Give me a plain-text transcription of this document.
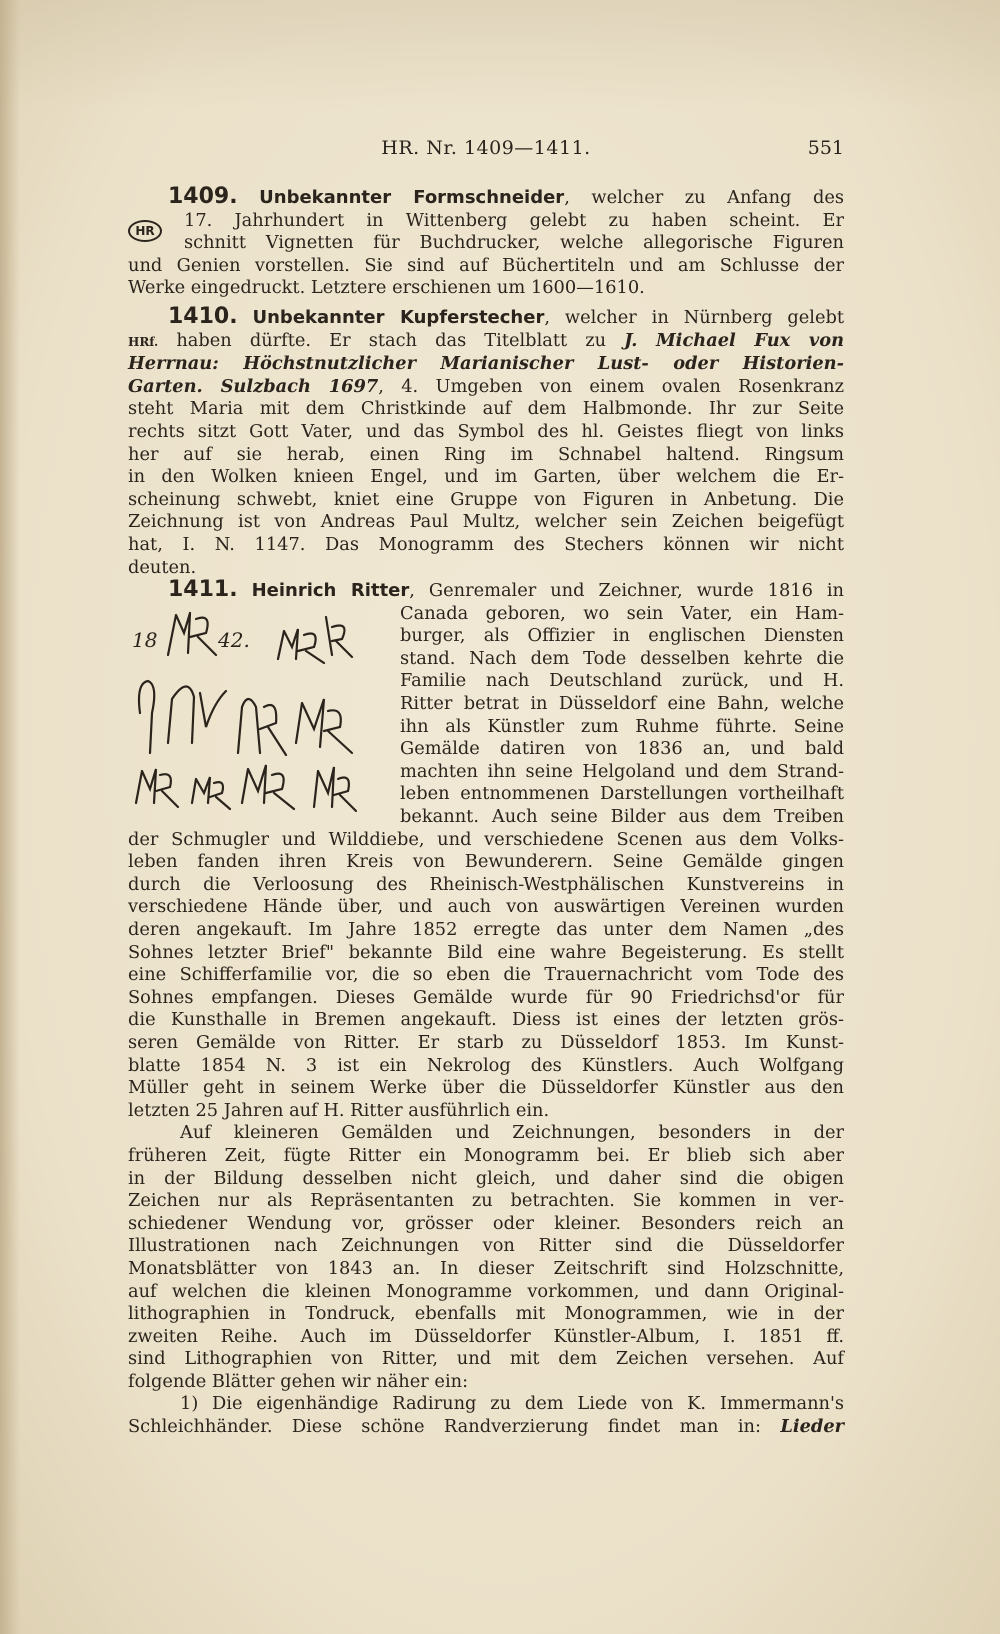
HR. Nr. 1409—1411.	551
1409. Unbekannter Formschneider, welcher zu Anfang des
HR
17. Jahrhundert in Wittenberg gelebt zu haben scheint. Er
schnitt Vignetten für Buchdrucker, welche allegorische Figuren
und Genien vorstellen. Sie sind auf Büchertiteln und am Schlusse der
Werke eingedruckt. Letztere erschienen um 1600—1610.
1410. Unbekannter Kupferstecher, welcher in Nürnberg gelebt
HRf. haben dürfte. Er stach das Titelblatt zu J. Michael Fux von
Herrnau: Höchstnutzlicher Marianischer Lust- oder Historien-
Garten. Sulzbach 1697, 4. Umgeben von einem ovalen Rosenkranz
steht Maria mit dem Christkinde auf dem Halbmonde. Ihr zur Seite
rechts sitzt Gott Vater, und das Symbol des hl. Geistes fliegt von links
her auf sie herab, einen Ring im Schnabel haltend. Ringsum
in den Wolken knieen Engel, und im Garten, über welchem die Er-
scheinung schwebt, kniet eine Gruppe von Figuren in Anbetung. Die
Zeichnung ist von Andreas Paul Multz, welcher sein Zeichen beigefügt
hat, I. N. 1147. Das Monogramm des Stechers können wir nicht
deuten.
1411. Heinrich Ritter, Genremaler und Zeichner, wurde 1816 in
18	42.
Canada geboren, wo sein Vater, ein Ham-
burger, als Offizier in englischen Diensten
stand. Nach dem Tode desselben kehrte die
Familie nach Deutschland zurück, und H.
Ritter betrat in Düsseldorf eine Bahn, welche
ihn als Künstler zum Ruhme führte. Seine
Gemälde datiren von 1836 an, und bald
machten ihn seine Helgoland und dem Strand-
leben entnommenen Darstellungen vortheilhaft
bekannt. Auch seine Bilder aus dem Treiben
der Schmugler und Wilddiebe, und verschiedene Scenen aus dem Volks-
leben fanden ihren Kreis von Bewunderern. Seine Gemälde gingen
durch die Verloosung des Rheinisch-Westphälischen Kunstvereins in
verschiedene Hände über, und auch von auswärtigen Vereinen wurden
deren angekauft. Im Jahre 1852 erregte das unter dem Namen „des
Sohnes letzter Brief" bekannte Bild eine wahre Begeisterung. Es stellt
eine Schifferfamilie vor, die so eben die Trauernachricht vom Tode des
Sohnes empfangen. Dieses Gemälde wurde für 90 Friedrichsd'or für
die Kunsthalle in Bremen angekauft. Diess ist eines der letzten grös-
seren Gemälde von Ritter. Er starb zu Düsseldorf 1853. Im Kunst-
blatte 1854 N. 3 ist ein Nekrolog des Künstlers. Auch Wolfgang
Müller geht in seinem Werke über die Düsseldorfer Künstler aus den
letzten 25 Jahren auf H. Ritter ausführlich ein.
Auf kleineren Gemälden und Zeichnungen, besonders in der
früheren Zeit, fügte Ritter ein Monogramm bei. Er blieb sich aber
in der Bildung desselben nicht gleich, und daher sind die obigen
Zeichen nur als Repräsentanten zu betrachten. Sie kommen in ver-
schiedener Wendung vor, grösser oder kleiner. Besonders reich an
Illustrationen nach Zeichnungen von Ritter sind die Düsseldorfer
Monatsblätter von 1843 an. In dieser Zeitschrift sind Holzschnitte,
auf welchen die kleinen Monogramme vorkommen, und dann Original-
lithographien in Tondruck, ebenfalls mit Monogrammen, wie in der
zweiten Reihe. Auch im Düsseldorfer Künstler-Album, I. 1851 ff.
sind Lithographien von Ritter, und mit dem Zeichen versehen. Auf
folgende Blätter gehen wir näher ein:
1) Die eigenhändige Radirung zu dem Liede von K. Immermann's
Schleichhänder. Diese schöne Randverzierung findet man in: Lieder
